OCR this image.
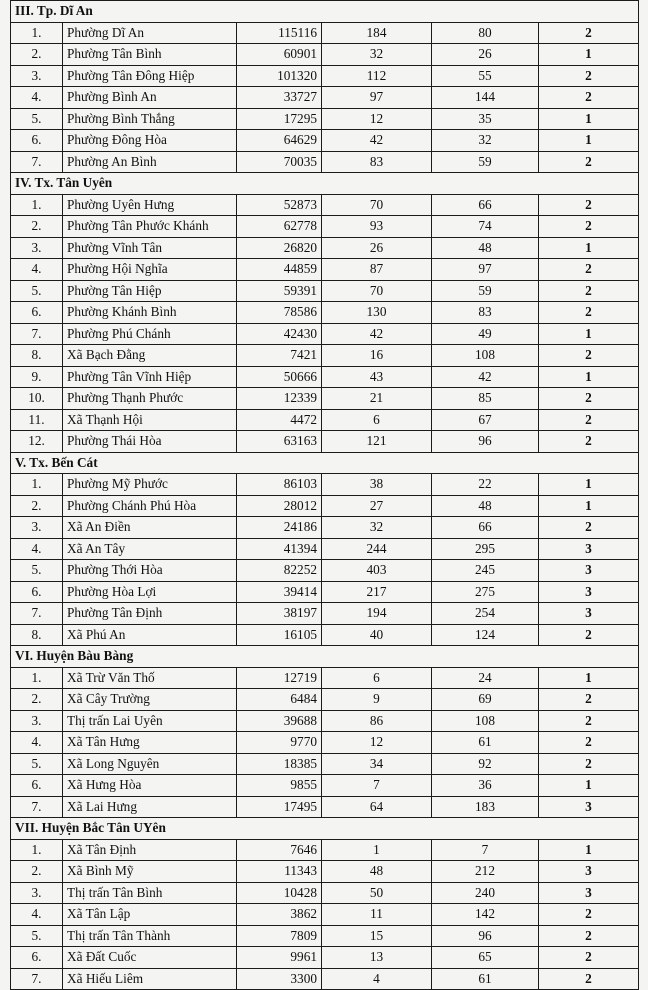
III. Tp. Dĩ An					
1.	Phường Dĩ An	115116	184	80	2
2.	Phường Tân Bình	60901	32	26	1
3.	Phường Tân Đông Hiệp	101320	112	55	2
4.	Phường Bình An	33727	97	144	2
5.	Phường Bình Thắng	17295	12	35	1
6.	Phường Đông Hòa	64629	42	32	1
7.	Phường An Bình	70035	83	59	2
IV. Tx. Tân Uyên					
1.	Phường Uyên Hưng	52873	70	66	2
2.	Phường Tân Phước Khánh	62778	93	74	2
3.	Phường Vĩnh Tân	26820	26	48	1
4.	Phường Hội Nghĩa	44859	87	97	2
5.	Phường Tân Hiệp	59391	70	59	2
6.	Phường Khánh Bình	78586	130	83	2
7.	Phường Phú Chánh	42430	42	49	1
8.	Xã Bạch Đằng	7421	16	108	2
9.	Phường Tân Vĩnh Hiệp	50666	43	42	1
10.	Phường Thạnh Phước	12339	21	85	2
11.	Xã Thạnh Hội	4472	6	67	2
12.	Phường Thái Hòa	63163	121	96	2
V. Tx. Bến Cát					
1.	Phường Mỹ Phước	86103	38	22	1
2.	Phường Chánh Phú Hòa	28012	27	48	1
3.	Xã An Điền	24186	32	66	2
4.	Xã An Tây	41394	244	295	3
5.	Phường Thới Hòa	82252	403	245	3
6.	Phường Hòa Lợi	39414	217	275	3
7.	Phường Tân Định	38197	194	254	3
8.	Xã Phú An	16105	40	124	2
VI. Huyện Bàu Bàng					
1.	Xã Trừ Văn Thố	12719	6	24	1
2.	Xã Cây Trường	6484	9	69	2
3.	Thị trấn Lai Uyên	39688	86	108	2
4.	Xã Tân Hưng	9770	12	61	2
5.	Xã Long Nguyên	18385	34	92	2
6.	Xã Hưng Hòa	9855	7	36	1
7.	Xã Lai Hưng	17495	64	183	3
VII. Huyện Bắc Tân UYên					
1.	Xã Tân Định	7646	1	7	1
2.	Xã Bình Mỹ	11343	48	212	3
3.	Thị trấn Tân Bình	10428	50	240	3
4.	Xã Tân Lập	3862	11	142	2
5.	Thị trấn Tân Thành	7809	15	96	2
6.	Xã Đất Cuốc	9961	13	65	2
7.	Xã Hiếu Liêm	3300	4	61	2
